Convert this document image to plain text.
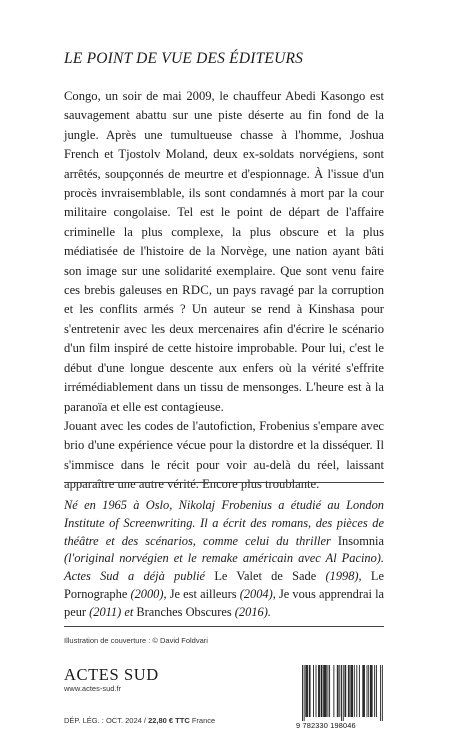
LE POINT DE VUE DES ÉDITEURS

Congo, un soir de mai 2009, le chauffeur Abedi Kasongo est sauvagement abattu sur une piste déserte au fin fond de la jungle. Après une tumultueuse chasse à l'homme, Joshua French et Tjostolv Moland, deux ex-soldats norvégiens, sont arrêtés, soupçonnés de meurtre et d'espionnage. À l'issue d'un procès invraisemblable, ils sont condamnés à mort par la cour militaire congolaise. Tel est le point de départ de l'affaire criminelle la plus complexe, la plus obscure et la plus médiatisée de l'histoire de la Norvège, une nation ayant bâti son image sur une solidarité exemplaire. Que sont venu faire ces brebis galeuses en RDC, un pays ravagé par la corruption et les conflits armés ? Un auteur se rend à Kinshasa pour s'entretenir avec les deux mercenaires afin d'écrire le scénario d'un film inspiré de cette histoire improbable. Pour lui, c'est le début d'une longue descente aux enfers où la vérité s'effrite irrémédiablement dans un tissu de mensonges. L'heure est à la paranoïa et elle est contagieuse.

Jouant avec les codes de l'autofiction, Frobenius s'empare avec brio d'une expérience vécue pour la distordre et la disséquer. Il s'immisce dans le récit pour voir au-delà du réel, laissant apparaître une autre vérité. Encore plus troublante.

Né en 1965 à Oslo, Nikolaj Frobenius a étudié au London Institute of Screenwriting. Il a écrit des romans, des pièces de théâtre et des scénarios, comme celui du thriller Insomnia (l'original norvégien et le remake américain avec Al Pacino). Actes Sud a déjà publié Le Valet de Sade (1998), Le Pornographe (2000), Je est ailleurs (2004), Je vous apprendrai la peur (2011) et Branches Obscures (2016).

Illustration de couverture : © David Foldvari
ACTES SUD
www.actes-sud.fr
DÉP. LÉG. : OCT. 2024 / 22,80 € TTC France
9 782330 198046
